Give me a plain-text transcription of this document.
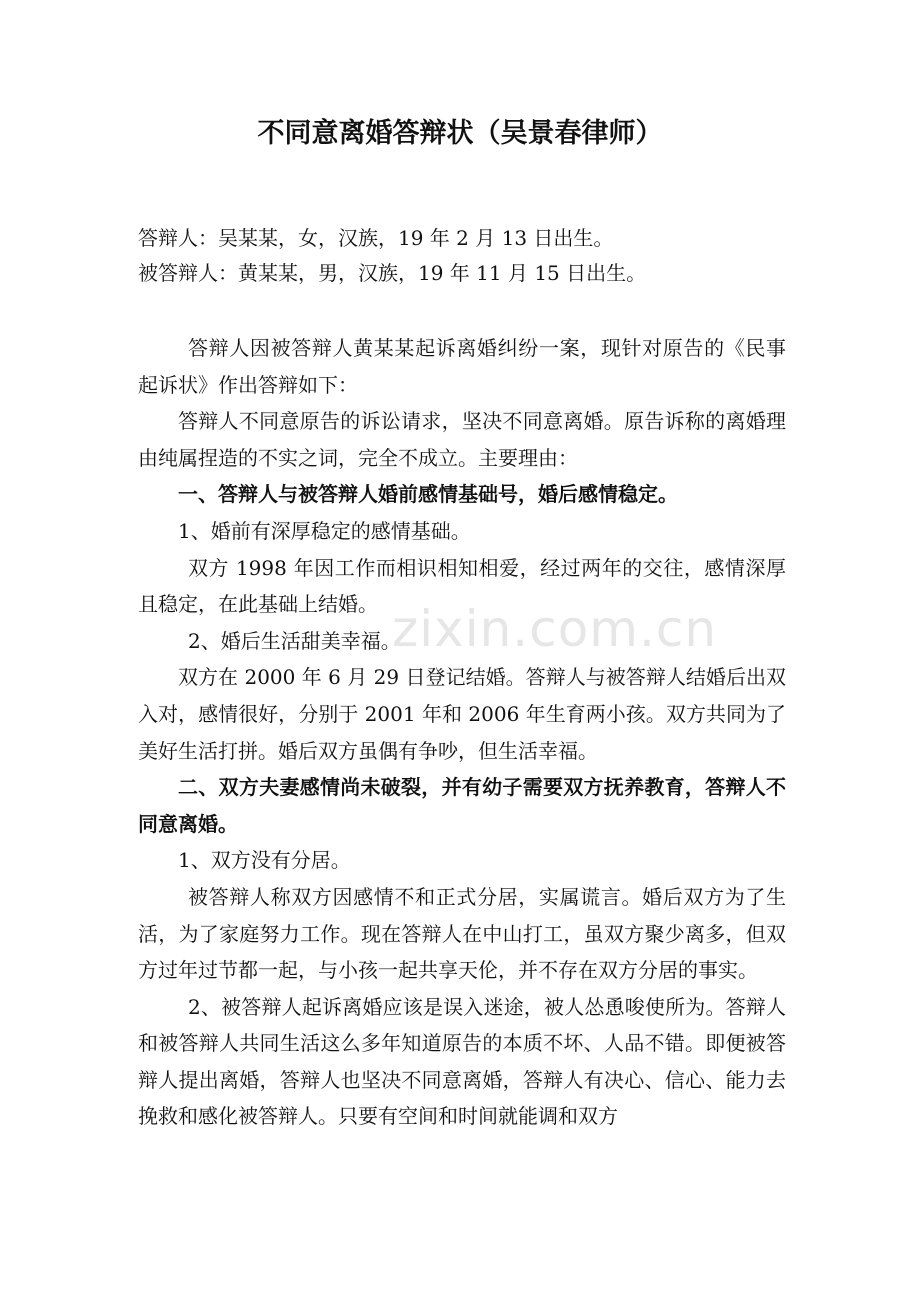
不同意离婚答辩状（吴景春律师）
答辩人：吴某某，女，汉族，19 年 2 月 13 日出生。
被答辩人：黄某某，男，汉族，19 年 11 月 15 日出生。

答辩人因被答辩人黄某某起诉离婚纠纷一案，现针对原告的《民事起诉状》作出答辩如下：

答辩人不同意原告的诉讼请求，坚决不同意离婚。原告诉称的离婚理由纯属捏造的不实之词，完全不成立。主要理由：

一、答辩人与被答辩人婚前感情基础号，婚后感情稳定。

1、婚前有深厚稳定的感情基础。

双方 1998 年因工作而相识相知相爱，经过两年的交往，感情深厚且稳定，在此基础上结婚。

2、婚后生活甜美幸福。

双方在 2000 年 6 月 29 日登记结婚。答辩人与被答辩人结婚后出双入对，感情很好，分别于 2001 年和 2006 年生育两小孩。双方共同为了美好生活打拼。婚后双方虽偶有争吵，但生活幸福。

二、双方夫妻感情尚未破裂，并有幼子需要双方抚养教育，答辩人不同意离婚。

1、双方没有分居。

被答辩人称双方因感情不和正式分居，实属谎言。婚后双方为了生活，为了家庭努力工作。现在答辩人在中山打工，虽双方聚少离多，但双方过年过节都一起，与小孩一起共享天伦，并不存在双方分居的事实。

2、被答辩人起诉离婚应该是误入迷途，被人怂恿唆使所为。答辩人和被答辩人共同生活这么多年知道原告的本质不坏、人品不错。即便被答辩人提出离婚，答辩人也坚决不同意离婚，答辩人有决心、信心、能力去挽救和感化被答辩人。只要有空间和时间就能调和双方

zixin.com.cn
